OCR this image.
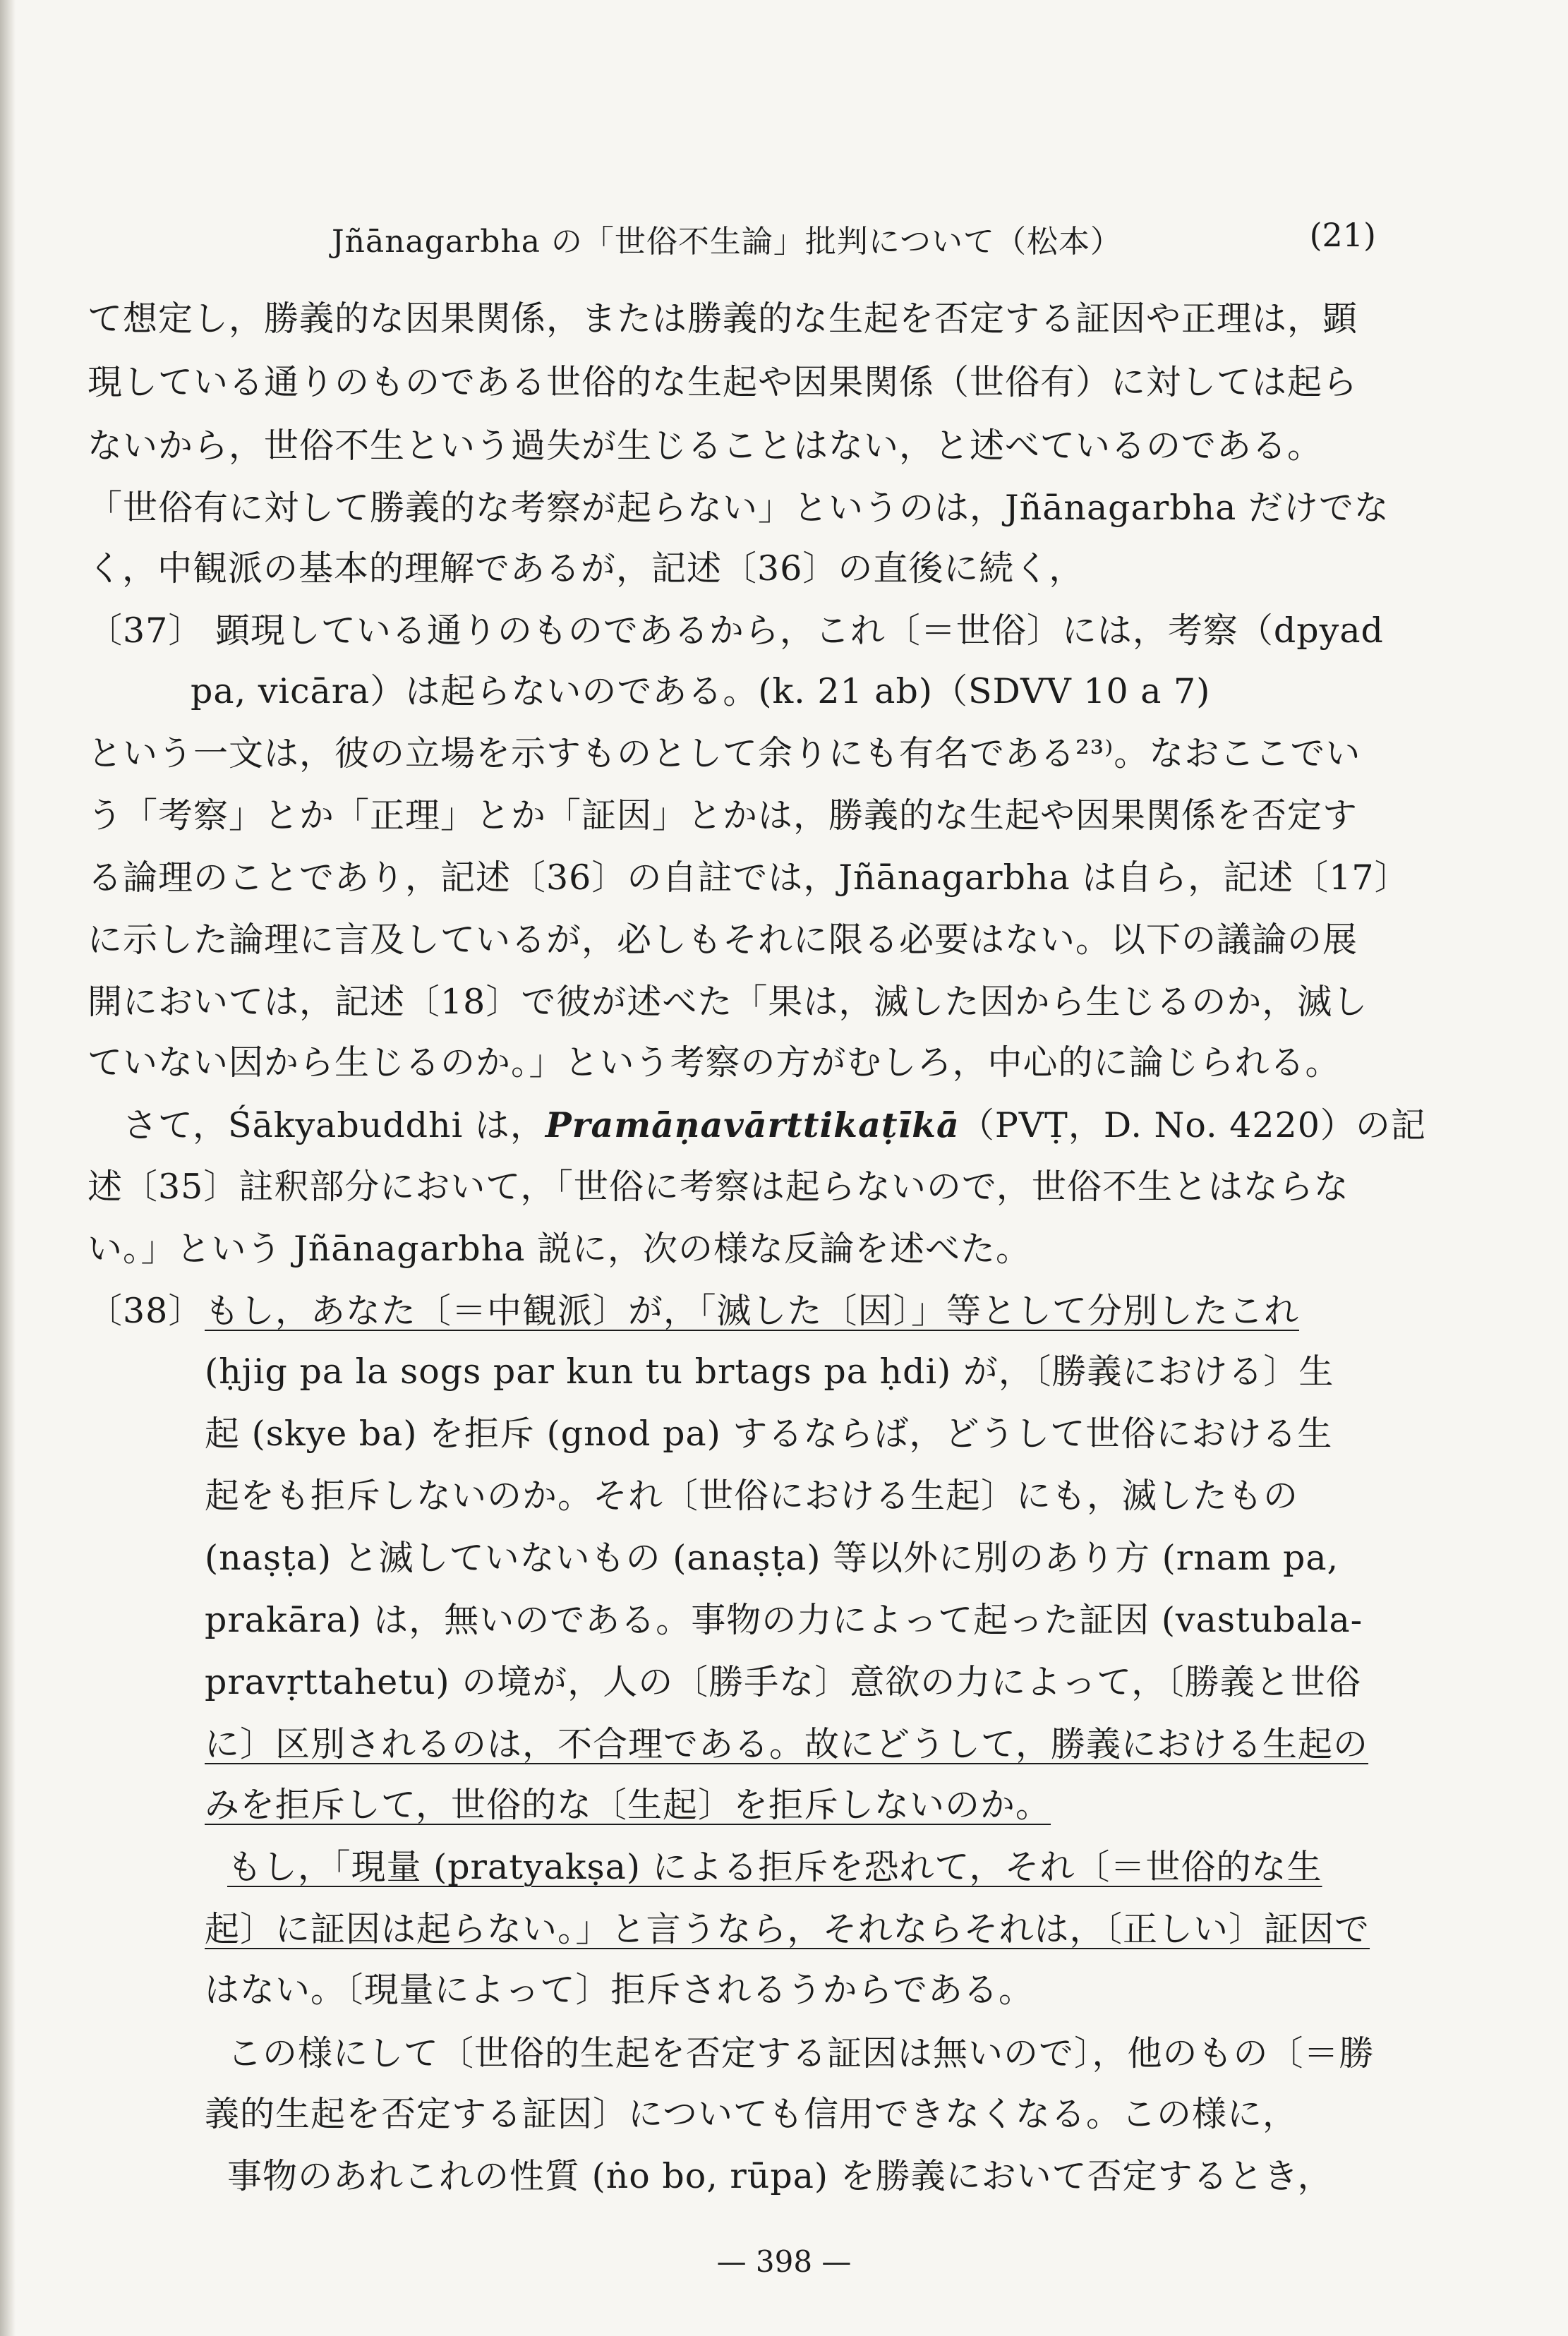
Jñānagarbha の「世俗不生論」批判について（松本）	(21)
て想定し，勝義的な因果関係，または勝義的な生起を否定する証因や正理は，顕
現している通りのものである世俗的な生起や因果関係（世俗有）に対しては起ら
ないから，世俗不生という過失が生じることはない，と述べているのである。
「世俗有に対して勝義的な考察が起らない」というのは，Jñānagarbha だけでな
く，中観派の基本的理解であるが，記述〔36〕の直後に続く，
〔37〕 顕現している通りのものであるから，これ〔＝世俗〕には，考察（dpyad
pa, vicāra）は起らないのである。(k. 21 ab)（SDVV 10 a 7)
という一文は，彼の立場を示すものとして余りにも有名である²³⁾。なおここでい
う「考察」とか「正理」とか「証因」とかは，勝義的な生起や因果関係を否定す
る論理のことであり，記述〔36〕の自註では，Jñānagarbha は自ら，記述〔17〕
に示した論理に言及しているが，必しもそれに限る必要はない。以下の議論の展
開においては，記述〔18〕で彼が述べた「果は，滅した因から生じるのか，滅し
ていない因から生じるのか。」という考察の方がむしろ，中心的に論じられる。
さて，Śākyabuddhi は，Pramāṇavārttikaṭīkā（PVṬ，D. No. 4220）の記
述〔35〕註釈部分において，「世俗に考察は起らないので，世俗不生とはならな
い。」という Jñānagarbha 説に，次の様な反論を述べた。
〔38〕 もし，あなた〔＝中観派〕が，「滅した〔因〕」等として分別したこれ
(ḥjig pa la sogs par kun tu brtags pa ḥdi) が，〔勝義における〕生
起 (skye ba) を拒斥 (gnod pa) するならば，どうして世俗における生
起をも拒斥しないのか。それ〔世俗における生起〕にも，滅したもの
(naṣṭa) と滅していないもの (anaṣṭa) 等以外に別のあり方 (rnam pa,
prakāra) は，無いのである。事物の力によって起った証因 (vastubala-
pravṛttahetu) の境が，人の〔勝手な〕意欲の力によって，〔勝義と世俗
に〕区別されるのは，不合理である。故にどうして，勝義における生起の
みを拒斥して，世俗的な〔生起〕を拒斥しないのか。
もし，「現量 (pratyakṣa) による拒斥を恐れて，それ〔＝世俗的な生
起〕に証因は起らない。」と言うなら，それならそれは，〔正しい〕証因で
はない。〔現量によって〕拒斥されるうからである。
この様にして〔世俗的生起を否定する証因は無いので〕，他のもの〔＝勝
義的生起を否定する証因〕についても信用できなくなる。この様に，
事物のあれこれの性質 (ṅo bo, rūpa) を勝義において否定するとき，
— 398 —
